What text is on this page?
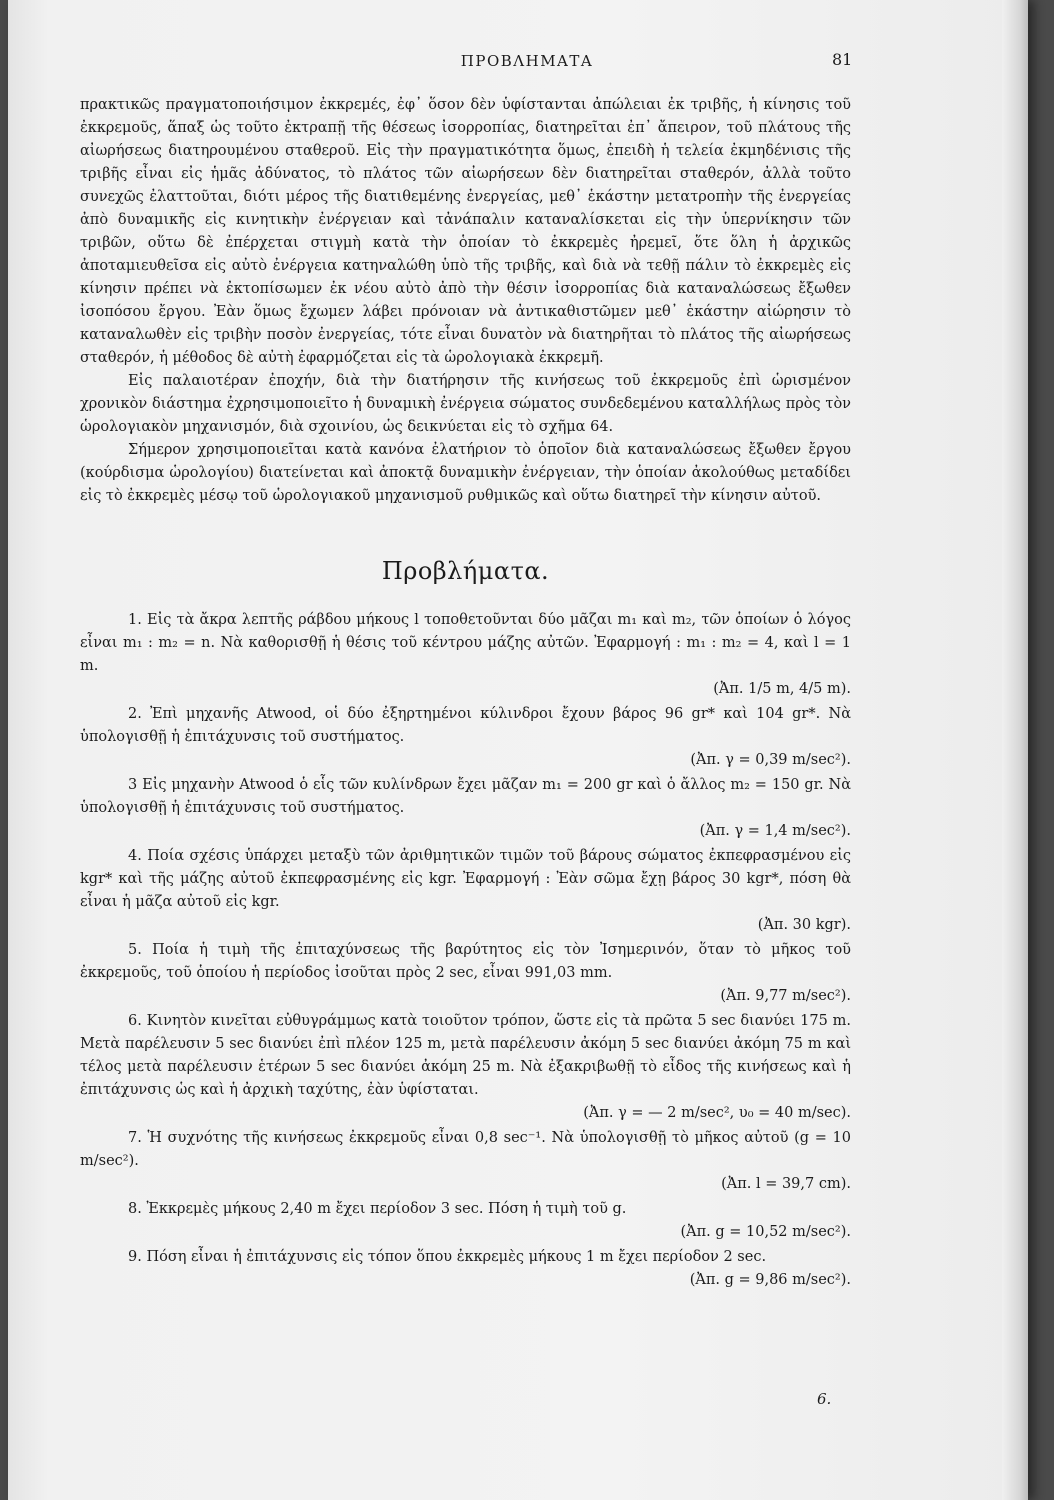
ΠΡΟΒΛΗΜΑΤΑ	81

πρακτικῶς πραγματοποιήσιμον ἐκκρεμές, ἐφ᾽ ὅσον δὲν ὑφίστανται ἀπώλειαι ἐκ τριβῆς, ἡ κίνησις τοῦ ἐκκρεμοῦς, ἅπαξ ὡς τοῦτο ἐκτραπῇ τῆς θέσεως ἰσορροπίας, διατηρεῖται ἐπ᾽ ἄπειρον, τοῦ πλάτους τῆς αἰωρήσεως διατηρουμένου σταθεροῦ. Εἰς τὴν πραγματικότητα ὅμως, ἐπειδὴ ἡ τελεία ἐκμηδένισις τῆς τριβῆς εἶναι εἰς ἡμᾶς ἀδύνατος, τὸ πλάτος τῶν αἰωρήσεων δὲν διατηρεῖται σταθερόν, ἀλλὰ τοῦτο συνεχῶς ἐλαττοῦται, διότι μέρος τῆς διατιθεμένης ἐνεργείας, μεθ᾽ ἑκάστην μετατροπὴν τῆς ἐνεργείας ἀπὸ δυναμικῆς εἰς κινητικὴν ἐνέργειαν καὶ τἀνάπαλιν καταναλίσκεται εἰς τὴν ὑπερνίκησιν τῶν τριβῶν, οὕτω δὲ ἐπέρχεται στιγμὴ κατὰ τὴν ὁποίαν τὸ ἐκκρεμὲς ἠρεμεῖ, ὅτε ὅλη ἡ ἀρχικῶς ἀποταμιευθεῖσα εἰς αὐτὸ ἐνέργεια κατηναλώθη ὑπὸ τῆς τριβῆς, καὶ διὰ νὰ τεθῇ πάλιν τὸ ἐκκρεμὲς εἰς κίνησιν πρέπει νὰ ἐκτοπίσωμεν ἐκ νέου αὐτὸ ἀπὸ τὴν θέσιν ἰσορροπίας διὰ καταναλώσεως ἔξωθεν ἰσοπόσου ἔργου. Ἐὰν ὅμως ἔχωμεν λάβει πρόνοιαν νὰ ἀντικαθιστῶμεν μεθ᾽ ἑκάστην αἰώρησιν τὸ καταναλωθὲν εἰς τριβὴν ποσὸν ἐνεργείας, τότε εἶναι δυνατὸν νὰ διατηρῆται τὸ πλάτος τῆς αἰωρήσεως σταθερόν, ἡ μέθοδος δὲ αὐτὴ ἐφαρμόζεται εἰς τὰ ὡρολογιακὰ ἐκκρεμῆ.

Εἰς παλαιοτέραν ἐποχήν, διὰ τὴν διατήρησιν τῆς κινήσεως τοῦ ἐκκρεμοῦς ἐπὶ ὡρισμένον χρονικὸν διάστημα ἐχρησιμοποιεῖτο ἡ δυναμικὴ ἐνέργεια σώματος συνδεδεμένου καταλλήλως πρὸς τὸν ὡρολογιακὸν μηχανισμόν, διὰ σχοινίου, ὡς δεικνύεται εἰς τὸ σχῆμα 64.

Σήμερον χρησιμοποιεῖται κατὰ κανόνα ἐλατήριον τὸ ὁποῖον διὰ καταναλώσεως ἔξωθεν ἔργου (κούρδισμα ὡρολογίου) διατείνεται καὶ ἀποκτᾷ δυναμικὴν ἐνέργειαν, τὴν ὁποίαν ἀκολούθως μεταδίδει εἰς τὸ ἐκκρεμὲς μέσῳ τοῦ ὡρολογιακοῦ μηχανισμοῦ ρυθμικῶς καὶ οὕτω διατηρεῖ τὴν κίνησιν αὐτοῦ.

Προβλήματα.

1. Εἰς τὰ ἄκρα λεπτῆς ράβδου μήκους l τοποθετοῦνται δύο μᾶζαι m₁ καὶ m₂, τῶν ὁποίων ὁ λόγος εἶναι m₁ : m₂ = n. Νὰ καθορισθῇ ἡ θέσις τοῦ κέντρου μάζης αὐτῶν. Ἐφαρμογή : m₁ : m₂ = 4, καὶ l = 1 m.

(Ἀπ. 1/5 m, 4/5 m).

2. Ἐπὶ μηχανῆς Atwood, οἱ δύο ἐξηρτημένοι κύλινδροι ἔχουν βάρος 96 gr* καὶ 104 gr*. Νὰ ὑπολογισθῇ ἡ ἐπιτάχυνσις τοῦ συστήματος.

(Ἀπ. γ = 0,39 m/sec²).

3 Εἰς μηχανὴν Atwood ὁ εἷς τῶν κυλίνδρων ἔχει μᾶζαν m₁ = 200 gr καὶ ὁ ἄλλος m₂ = 150 gr. Νὰ ὑπολογισθῇ ἡ ἐπιτάχυνσις τοῦ συστήματος.

(Ἀπ. γ = 1,4 m/sec²).

4. Ποία σχέσις ὑπάρχει μεταξὺ τῶν ἀριθμητικῶν τιμῶν τοῦ βάρους σώματος ἐκπεφρασμένου εἰς kgr* καὶ τῆς μάζης αὐτοῦ ἐκπεφρασμένης εἰς kgr. Ἐφαρμογή : Ἐὰν σῶμα ἔχῃ βάρος 30 kgr*, πόση θὰ εἶναι ἡ μᾶζα αὐτοῦ εἰς kgr.

(Ἀπ. 30 kgr).

5. Ποία ἡ τιμὴ τῆς ἐπιταχύνσεως τῆς βαρύτητος εἰς τὸν Ἰσημερινόν, ὅταν τὸ μῆκος τοῦ ἐκκρεμοῦς, τοῦ ὁποίου ἡ περίοδος ἰσοῦται πρὸς 2 sec, εἶναι 991,03 mm.

(Ἀπ. 9,77 m/sec²).

6. Κινητὸν κινεῖται εὐθυγράμμως κατὰ τοιοῦτον τρόπον, ὥστε εἰς τὰ πρῶτα 5 sec διανύει 175 m. Μετὰ παρέλευσιν 5 sec διανύει ἐπὶ πλέον 125 m, μετὰ παρέλευσιν ἀκόμη 5 sec διανύει ἀκόμη 75 m καὶ τέλος μετὰ παρέλευσιν ἑτέρων 5 sec διανύει ἀκόμη 25 m. Νὰ ἐξακριβωθῇ τὸ εἶδος τῆς κινήσεως καὶ ἡ ἐπιτάχυνσις ὡς καὶ ἡ ἀρχικὴ ταχύτης, ἐὰν ὑφίσταται.

(Ἀπ. γ = — 2 m/sec², υ₀ = 40 m/sec).

7. Ἡ συχνότης τῆς κινήσεως ἐκκρεμοῦς εἶναι 0,8 sec⁻¹. Νὰ ὑπολογισθῇ τὸ μῆκος αὐτοῦ (g = 10 m/sec²).

(Ἀπ. l = 39,7 cm).

8. Ἐκκρεμὲς μήκους 2,40 m ἔχει περίοδον 3 sec. Πόση ἡ τιμὴ τοῦ g.

(Ἀπ. g = 10,52 m/sec²).

9. Πόση εἶναι ἡ ἐπιτάχυνσις εἰς τόπον ὅπου ἐκκρεμὲς μήκους 1 m ἔχει περίοδον 2 sec.

(Ἀπ. g = 9,86 m/sec²).

6.
